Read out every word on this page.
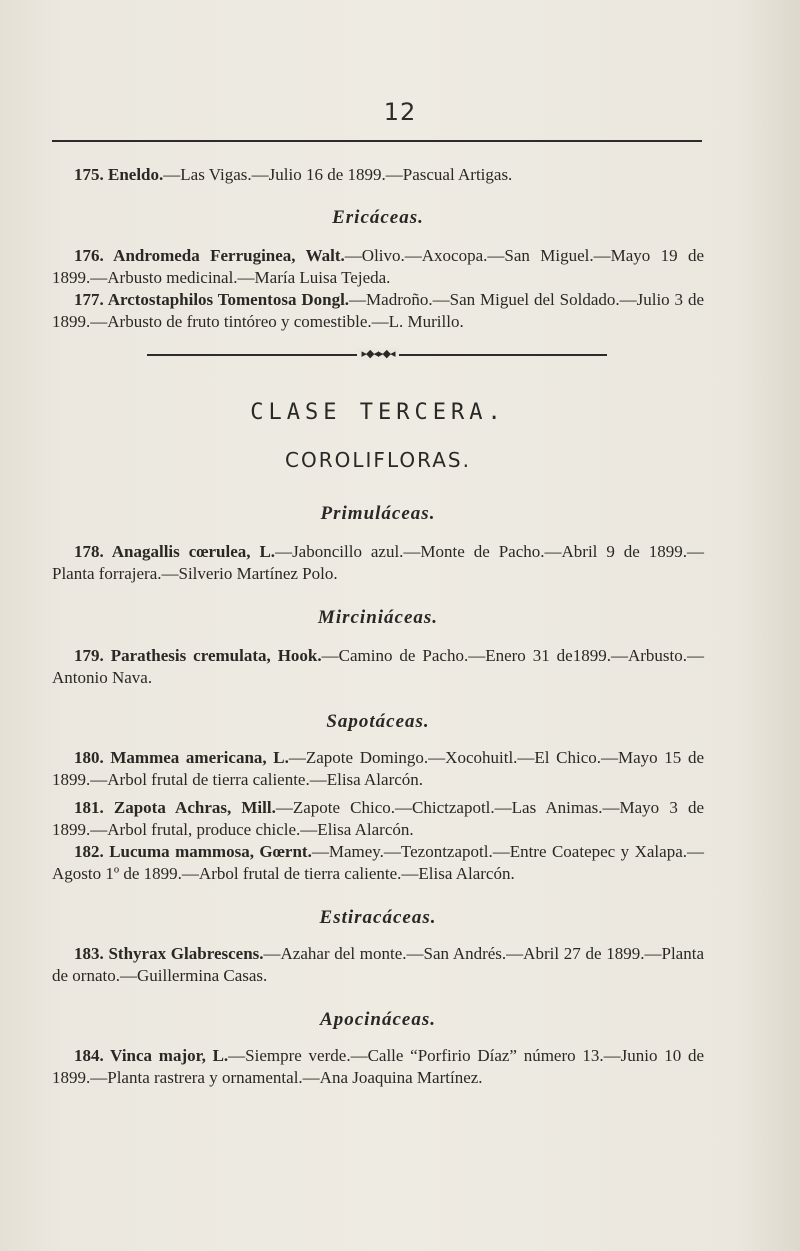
12

175. Eneldo.—Las Vigas.—Julio 16 de 1899.—Pascual Artigas.

Ericáceas.

176. Andromeda Ferruginea, Walt.—Olivo.—Axocopa.—San Miguel.—Mayo 19 de 1899.—Arbusto medicinal.—María Luisa Tejeda.

177. Arctostaphilos Tomentosa Dongl.—Madroño.—San Miguel del Soldado.—Julio 3 de 1899.—Arbusto de fruto tintóreo y comestible.—L. Murillo.

▸◆◂▸◆◂

CLASE TERCERA.

COROLIFLORAS.

Primuláceas.

178. Anagallis cœrulea, L.—Jaboncillo azul.—Monte de Pacho.—Abril 9 de 1899.—Planta forrajera.—Silverio Martínez Polo.

Mirciniáceas.

179. Parathesis cremulata, Hook.—Camino de Pacho.—Enero 31 de1899.—Arbusto.—Antonio Nava.

Sapotáceas.

180. Mammea americana, L.—Zapote Domingo.—Xocohuitl.—El Chico.—Mayo 15 de 1899.—Arbol frutal de tierra caliente.—Elisa Alarcón.

181. Zapota Achras, Mill.—Zapote Chico.—Chictzapotl.—Las Animas.—Mayo 3 de 1899.—Arbol frutal, produce chicle.—Elisa Alarcón.

182. Lucuma mammosa, Gœrnt.—Mamey.—Tezontzapotl.—Entre Coatepec y Xalapa.—Agosto 1º de 1899.—Arbol frutal de tierra caliente.—Elisa Alarcón.

Estiracáceas.

183. Sthyrax Glabrescens.—Azahar del monte.—San Andrés.—Abril 27 de 1899.—Planta de ornato.—Guillermina Casas.

Apocináceas.

184. Vinca major, L.—Siempre verde.—Calle “Porfirio Díaz” número 13.—Junio 10 de 1899.—Planta rastrera y ornamental.—Ana Joaquina Martínez.
